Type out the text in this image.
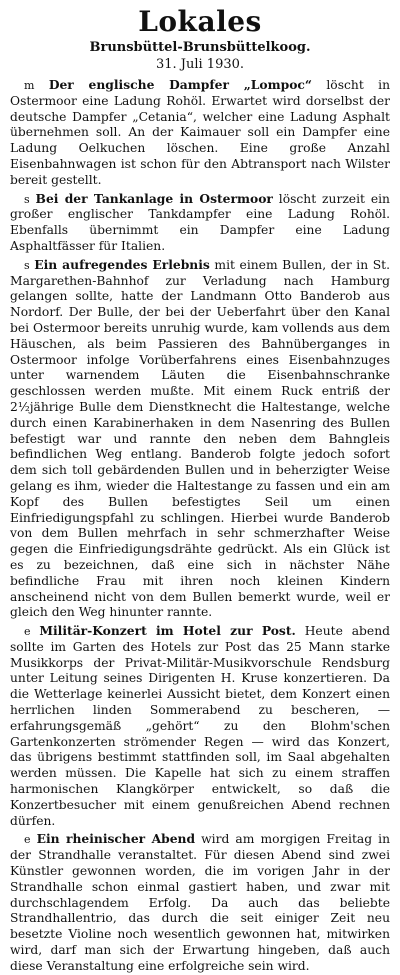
Lokales
Brunsbüttel-Brunsbüttelkoog.
31. Juli 1930.

m Der englische Dampfer „Lompoc“ löscht in Ostermoor eine Ladung Rohöl. Erwartet wird dorselbst der deutsche Dampfer „Cetania“, welcher eine Ladung Asphalt übernehmen soll. An der Kaimauer soll ein Dampfer eine Ladung Oelkuchen löschen. Eine große Anzahl Eisenbahnwagen ist schon für den Abtransport nach Wilster bereit gestellt.

s Bei der Tankanlage in Ostermoor löscht zurzeit ein großer englischer Tankdampfer eine Ladung Rohöl. Ebenfalls übernimmt ein Dampfer eine Ladung Asphaltfässer für Italien.

s Ein aufregendes Erlebnis mit einem Bullen, der in St. Margarethen-Bahnhof zur Verladung nach Hamburg gelangen sollte, hatte der Landmann Otto Banderob aus Nordorf. Der Bulle, der bei der Ueberfahrt über den Kanal bei Ostermoor bereits unruhig wurde, kam vollends aus dem Häuschen, als beim Passieren des Bahnüberganges in Ostermoor infolge Vorüberfahrens eines Eisenbahnzuges unter warnendem Läuten die Eisenbahnschranke geschlossen werden mußte. Mit einem Ruck entriß der 2½jährige Bulle dem Dienstknecht die Haltestange, welche durch einen Karabinerhaken in dem Nasenring des Bullen befestigt war und rannte den neben dem Bahngleis befindlichen Weg entlang. Banderob folgte jedoch sofort dem sich toll gebärdenden Bullen und in beherzigter Weise gelang es ihm, wieder die Haltestange zu fassen und ein am Kopf des Bullen befestigtes Seil um einen Einfriedigungspfahl zu schlingen. Hierbei wurde Banderob von dem Bullen mehrfach in sehr schmerzhafter Weise gegen die Einfriedigungsdrähte gedrückt. Als ein Glück ist es zu bezeichnen, daß eine sich in nächster Nähe befindliche Frau mit ihren noch kleinen Kindern anscheinend nicht von dem Bullen bemerkt wurde, weil er gleich den Weg hinunter rannte.

e Militär-Konzert im Hotel zur Post. Heute abend sollte im Garten des Hotels zur Post das 25 Mann starke Musikkorps der Privat-Militär-Musikvorschule Rendsburg unter Leitung seines Dirigenten H. Kruse konzertieren. Da die Wetterlage keinerlei Aussicht bietet, dem Konzert einen herrlichen linden Sommerabend zu bescheren, — erfahrungsgemäß „gehört“ zu den Blohm'schen Gartenkonzerten strömender Regen — wird das Konzert, das übrigens bestimmt stattfinden soll, im Saal abgehalten werden müssen. Die Kapelle hat sich zu einem straffen harmonischen Klangkörper entwickelt, so daß die Konzertbesucher mit einem genußreichen Abend rechnen dürfen.

e Ein rheinischer Abend wird am morgigen Freitag in der Strandhalle veranstaltet. Für diesen Abend sind zwei Künstler gewonnen worden, die im vorigen Jahr in der Strandhalle schon einmal gastiert haben, und zwar mit durchschlagendem Erfolg. Da auch das beliebte Strandhallentrio, das durch die seit einiger Zeit neu besetzte Violine noch wesentlich gewonnen hat, mitwirken wird, darf man sich der Erwartung hingeben, daß auch diese Veranstaltung eine erfolgreiche sein wird.
